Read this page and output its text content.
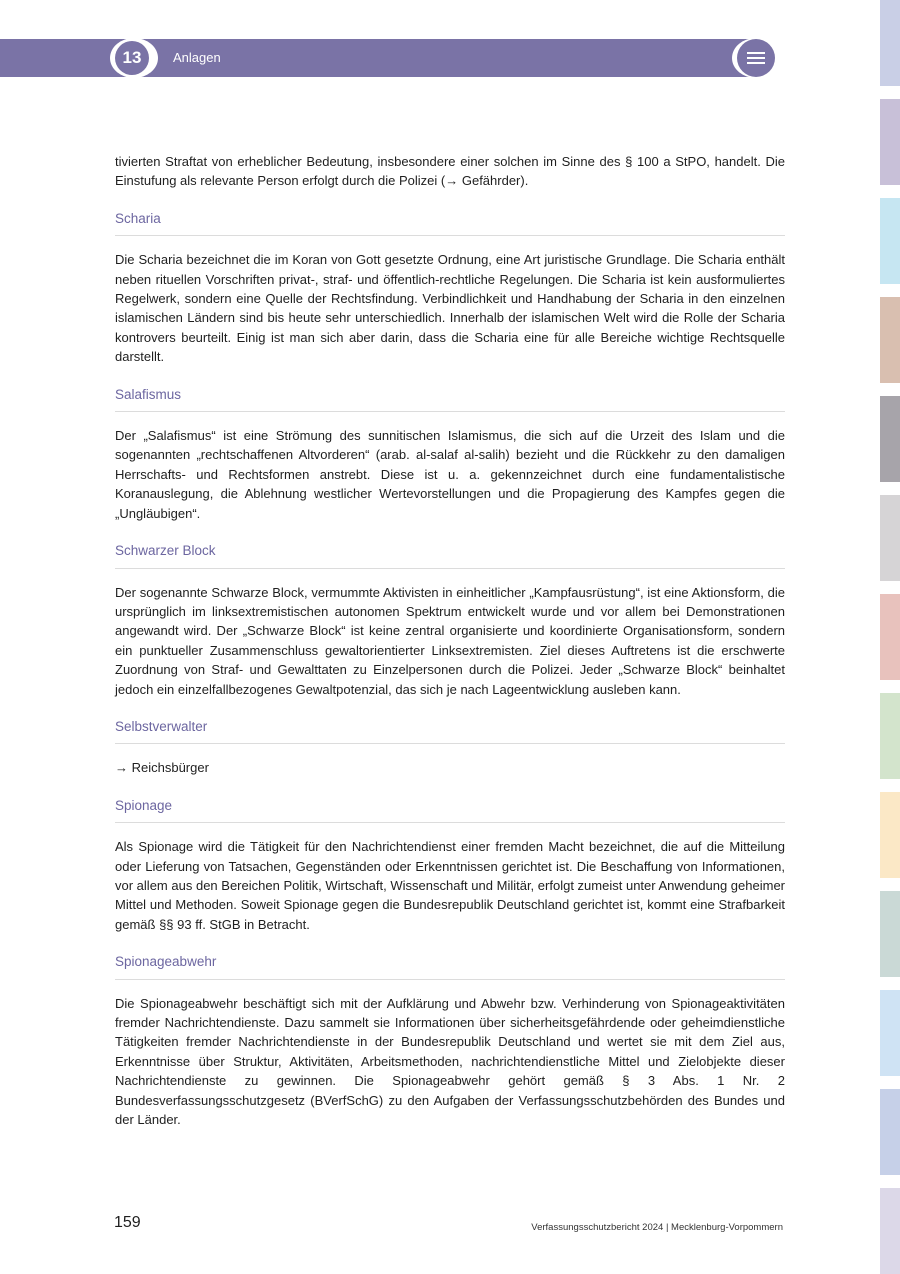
13	Anlagen

tivierten Straftat von erheblicher Bedeutung, insbesondere einer solchen im Sinne des § 100 a StPO, handelt. Die Einstufung als relevante Person erfolgt durch die Polizei (→ Gefährder).

Scharia

Die Scharia bezeichnet die im Koran von Gott gesetzte Ordnung, eine Art juristische Grundlage. Die Scharia enthält neben rituellen Vorschriften privat-, straf- und öffentlich-rechtliche Regelungen. Die Scharia ist kein ausformuliertes Regelwerk, sondern eine Quelle der Rechtsfindung. Verbindlichkeit und Handhabung der Scharia in den einzelnen islamischen Ländern sind bis heute sehr unterschiedlich. Innerhalb der islamischen Welt wird die Rolle der Scharia kontrovers beurteilt. Einig ist man sich aber darin, dass die Scharia eine für alle Bereiche wichtige Rechtsquelle darstellt.

Salafismus

Der „Salafismus“ ist eine Strömung des sunnitischen Islamismus, die sich auf die Urzeit des Islam und die sogenannten „rechtschaffenen Altvorderen“ (arab. al-salaf al-salih) bezieht und die Rückkehr zu den damaligen Herrschafts- und Rechtsformen anstrebt. Diese ist u. a. gekennzeichnet durch eine fundamentalistische Koranauslegung, die Ablehnung westlicher Wertevorstellungen und die Propagierung des Kampfes gegen die „Ungläubigen“.

Schwarzer Block

Der sogenannte Schwarze Block, vermummte Aktivisten in einheitlicher „Kampfausrüstung“, ist eine Aktionsform, die ursprünglich im linksextremistischen autonomen Spektrum entwickelt wurde und vor allem bei Demonstrationen angewandt wird. Der „Schwarze Block“ ist keine zentral organisierte und koordinierte Organisationsform, sondern ein punktueller Zusammenschluss gewaltorientierter Linksextremisten. Ziel dieses Auftretens ist die erschwerte Zuordnung von Straf- und Gewalttaten zu Einzelpersonen durch die Polizei. Jeder „Schwarze Block“ beinhaltet jedoch ein einzelfallbezogenes Gewaltpotenzial, das sich je nach Lageentwicklung ausleben kann.

Selbstverwalter

→ Reichsbürger

Spionage

Als Spionage wird die Tätigkeit für den Nachrichtendienst einer fremden Macht bezeichnet, die auf die Mitteilung oder Lieferung von Tatsachen, Gegenständen oder Erkenntnissen gerichtet ist. Die Beschaffung von Informationen, vor allem aus den Bereichen Politik, Wirtschaft, Wissenschaft und Militär, erfolgt zumeist unter Anwendung geheimer Mittel und Methoden. Soweit Spionage gegen die Bundesrepublik Deutschland gerichtet ist, kommt eine Strafbarkeit gemäß §§ 93 ff. StGB in Betracht.

Spionageabwehr

Die Spionageabwehr beschäftigt sich mit der Aufklärung und Abwehr bzw. Verhinderung von Spionageaktivitäten fremder Nachrichtendienste. Dazu sammelt sie Informationen über sicherheitsgefährdende oder geheimdienstliche Tätigkeiten fremder Nachrichtendienste in der Bundesrepublik Deutschland und wertet sie mit dem Ziel aus, Erkenntnisse über Struktur, Aktivitäten, Arbeitsmethoden, nachrichtendienstliche Mittel und Zielobjekte dieser Nachrichtendienste zu gewinnen. Die Spionageabwehr gehört gemäß § 3 Abs. 1 Nr. 2 Bundesverfassungsschutzgesetz (BVerfSchG) zu den Aufgaben der Verfassungsschutzbehörden des Bundes und der Länder.

159	Verfassungsschutzbericht 2024 | Mecklenburg-Vorpommern
